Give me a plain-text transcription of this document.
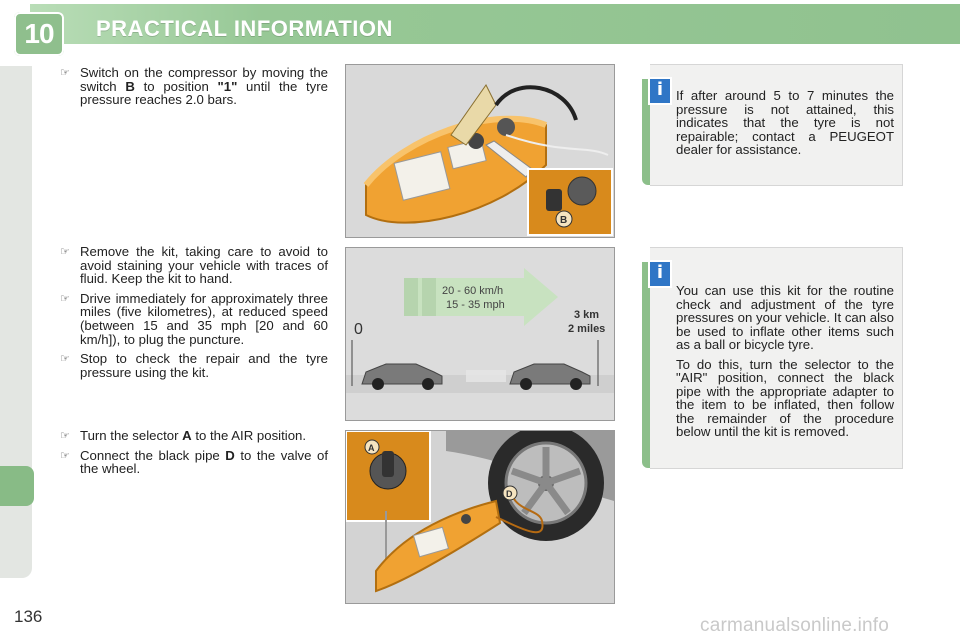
10	PRACTICAL INFORMATION
☞ Switch on the compressor by moving the switch B to position "1" until the tyre pressure reaches 2.0 bars.
☞ Remove the kit, taking care to avoid to avoid staining your vehicle with traces of fluid. Keep the kit to hand.
☞ Drive immediately for approximately three miles (five kilometres), at reduced speed (between 15 and 35 mph [20 and 60 km/h]), to plug the puncture.
☞ Stop to check the repair and the tyre pressure using the kit.
☞ Turn the selector A to the AIR position.
☞ Connect the black pipe D to the valve of the wheel.
B
20 - 60 km/h
15 - 35 mph
0
3 km
2 miles
A
D
i If after around 5 to 7 minutes the pressure is not attained, this indicates that the tyre is not repairable; contact a PEUGEOT dealer for assistance.
i

You can use this kit for the routine check and adjustment of the tyre pressures on your vehicle. It can also be used to inflate other items such as a ball or bicycle tyre.

To do this, turn the selector to the "AIR" position, connect the black pipe with the appropriate adapter to the item to be inflated, then follow the remainder of the procedure below until the kit is removed.

136	carmanualsonline.info
